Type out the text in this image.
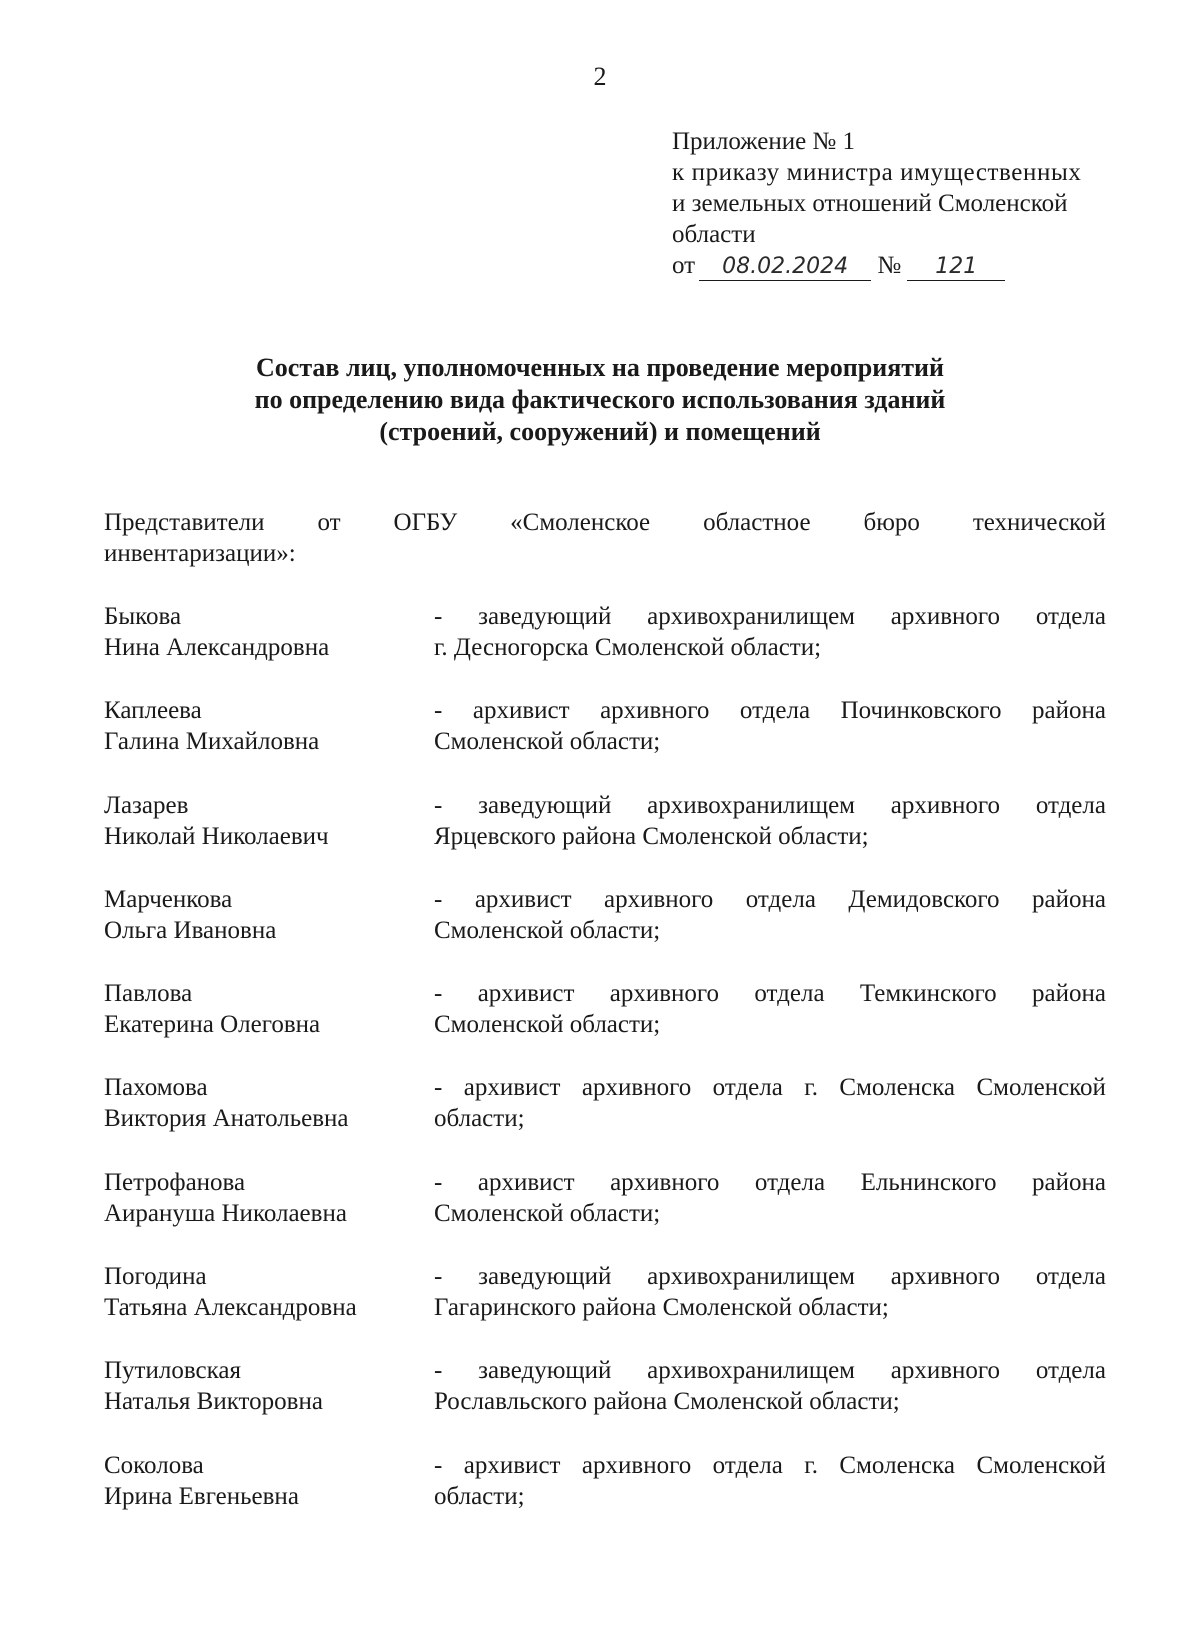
2
Приложение № 1
к приказу министра имущественных
и земельных отношений Смоленской
области
от 08.02.2024 № 121
Состав лиц, уполномоченных на проведение мероприятий
по определению вида фактического использования зданий
(строений, сооружений) и помещений
Представители от ОГБУ «Смоленское областное бюро технической
инвентаризации»:
Быкова
Нина Александровна
- заведующий архивохранилищем архивного отдела
г. Десногорска Смоленской области;
Каплеева
Галина Михайловна
- архивист архивного отдела Починковского района
Смоленской области;
Лазарев
Николай Николаевич
- заведующий архивохранилищем архивного отдела
Ярцевского района Смоленской области;
Марченкова
Ольга Ивановна
- архивист архивного отдела Демидовского района
Смоленской области;
Павлова
Екатерина Олеговна
- архивист архивного отдела Темкинского района
Смоленской области;
Пахомова
Виктория Анатольевна
- архивист архивного отдела г. Смоленска Смоленской
области;
Петрофанова
Аирануша Николаевна
- архивист архивного отдела Ельнинского района
Смоленской области;
Погодина
Татьяна Александровна
- заведующий архивохранилищем архивного отдела
Гагаринского района Смоленской области;
Путиловская
Наталья Викторовна
- заведующий архивохранилищем архивного отдела
Рославльского района Смоленской области;
Соколова
Ирина Евгеньевна
- архивист архивного отдела г. Смоленска Смоленской
области;
